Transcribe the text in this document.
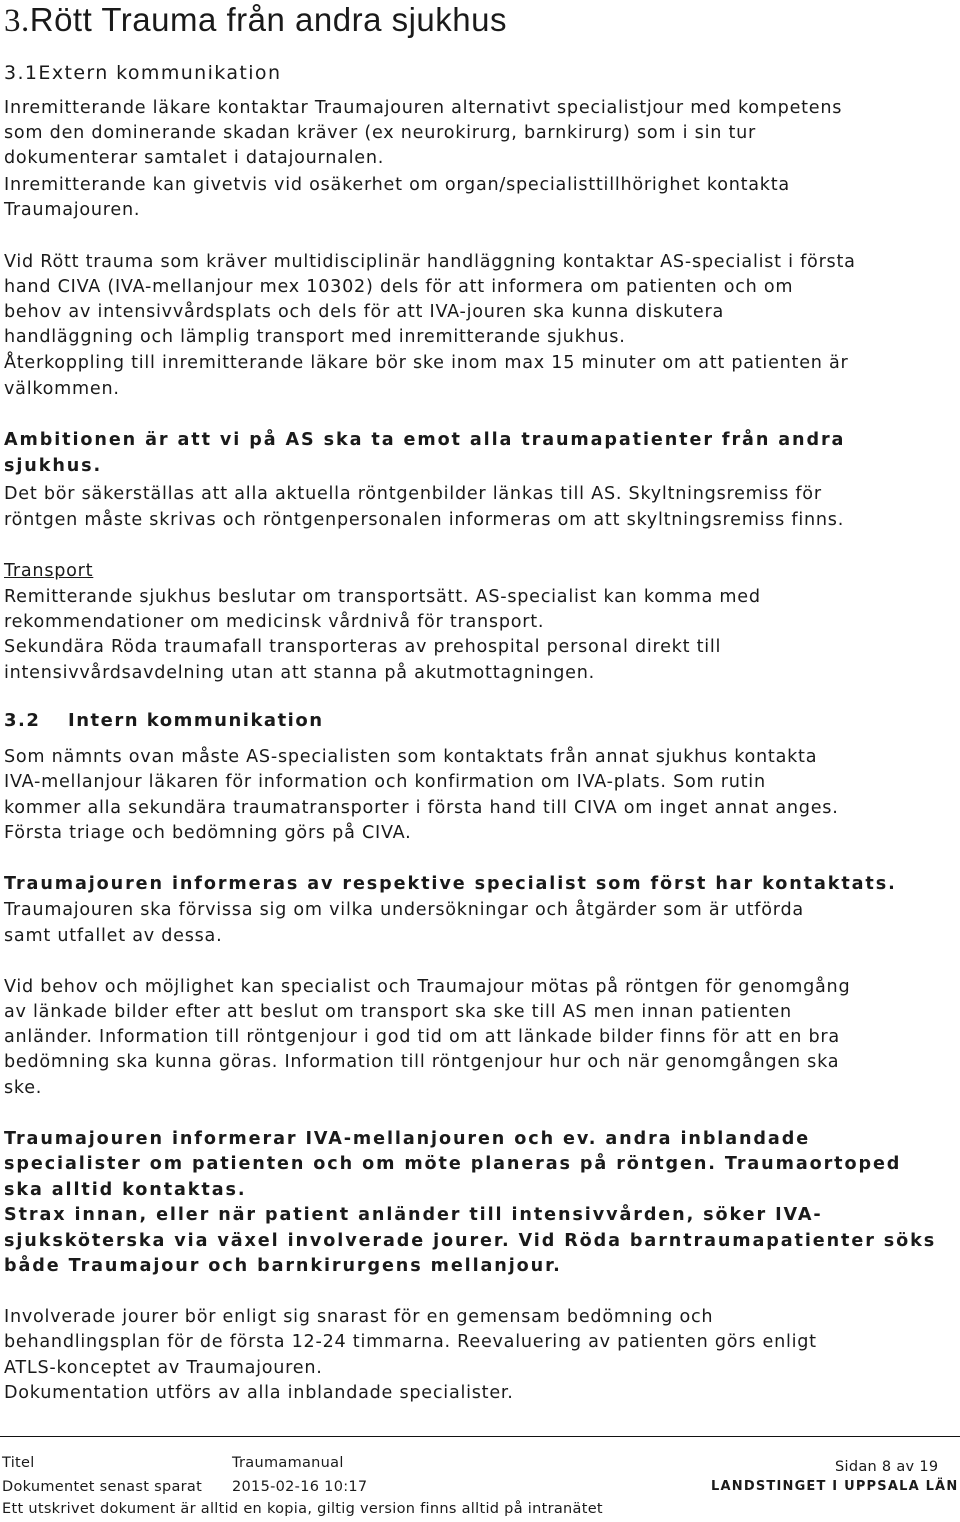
3.Rött Trauma från andra sjukhus
3.1Extern kommunikation

Inremitterande läkare kontaktar Traumajouren alternativt specialistjour med kompetens

som den dominerande skadan kräver (ex neurokirurg, barnkirurg) som i sin tur

dokumenterar samtalet i datajournalen.

Inremitterande kan givetvis vid osäkerhet om organ/specialisttillhörighet kontakta

Traumajouren.

Vid Rött trauma som kräver multidisciplinär handläggning kontaktar AS-specialist i första

hand CIVA (IVA-mellanjour mex 10302) dels för att informera om patienten och om

behov av intensivvårdsplats och dels för att IVA-jouren ska kunna diskutera

handläggning och lämplig transport med inremitterande sjukhus.

Återkoppling till inremitterande läkare bör ske inom max 15 minuter om att patienten är

välkommen.

Ambitionen är att vi på AS ska ta emot alla traumapatienter från andra

sjukhus.

Det bör säkerställas att alla aktuella röntgenbilder länkas till AS. Skyltningsremiss för

röntgen måste skrivas och röntgenpersonalen informeras om att skyltningsremiss finns.

Transport

Remitterande sjukhus beslutar om transportsätt. AS-specialist kan komma med

rekommendationer om medicinsk vårdnivå för transport.

Sekundära Röda traumafall transporteras av prehospital personal direkt till

intensivvårdsavdelning utan att stanna på akutmottagningen.

3.2 Intern kommunikation

Som nämnts ovan måste AS-specialisten som kontaktats från annat sjukhus kontakta

IVA-mellanjour läkaren för information och konfirmation om IVA-plats. Som rutin

kommer alla sekundära traumatransporter i första hand till CIVA om inget annat anges.

Första triage och bedömning görs på CIVA.

Traumajouren informeras av respektive specialist som först har kontaktats.

Traumajouren ska förvissa sig om vilka undersökningar och åtgärder som är utförda

samt utfallet av dessa.

Vid behov och möjlighet kan specialist och Traumajour mötas på röntgen för genomgång

av länkade bilder efter att beslut om transport ska ske till AS men innan patienten

anländer. Information till röntgenjour i god tid om att länkade bilder finns för att en bra

bedömning ska kunna göras. Information till röntgenjour hur och när genomgången ska

ske.

Traumajouren informerar IVA-mellanjouren och ev. andra inblandade

specialister om patienten och om möte planeras på röntgen. Traumaortoped

ska alltid kontaktas.

Strax innan, eller när patient anländer till intensivvården, söker IVA-

sjuksköterska via växel involverade jourer. Vid Röda barntraumapatienter söks

både Traumajour och barnkirurgens mellanjour.

Involverade jourer bör enligt sig snarast för en gemensam bedömning och

behandlingsplan för de första 12-24 timmarna. Reevaluering av patienten görs enligt

ATLS-konceptet av Traumajouren.

Dokumentation utförs av alla inblandade specialister.

Titel	Traumamanual	Sidan 8 av 19
Dokumentet senast sparat 2015-02-16 10:17	LANDSTINGET I UPPSALA LÄN
Ett utskrivet dokument är alltid en kopia, giltig version finns alltid på intranätet
